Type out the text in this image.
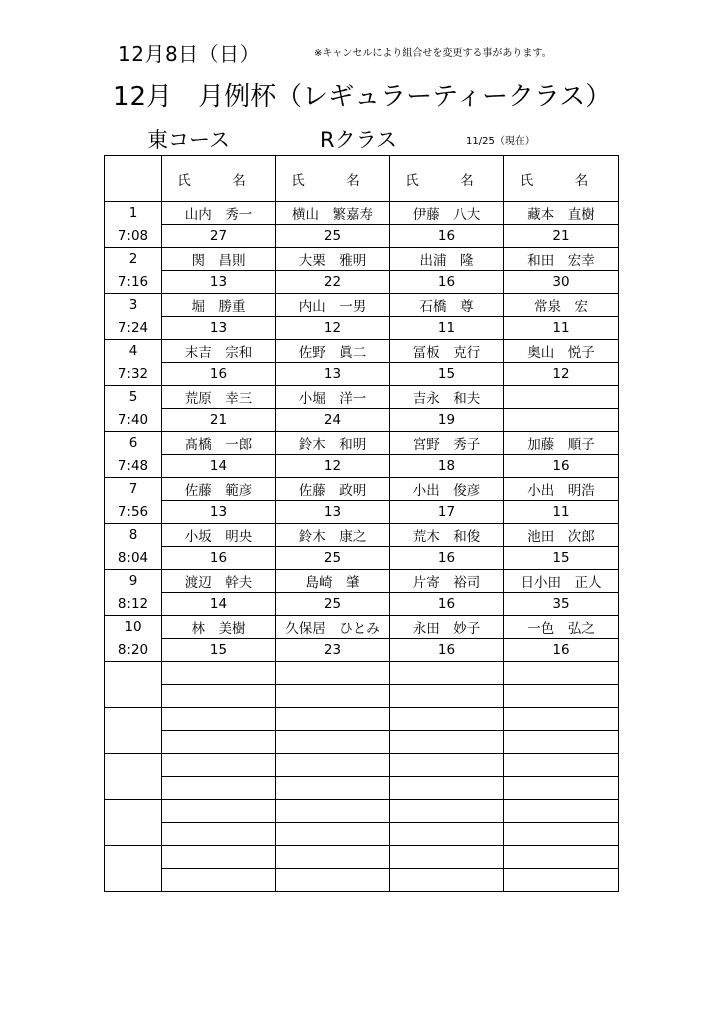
12月8日（日）	※キャンセルにより組合せを変更する事があります。
12月　月例杯（レギュラーティークラス）
東コース	Rクラス	11/25（現在）
	氏　名	氏　名	氏　名	氏　名
1	山内　秀一	横山　繁嘉寿	伊藤　八大	藏本　直樹
7:08	27	25	16	21
2	関　昌則	大栗　雅明	出浦　隆	和田　宏幸
7:16	13	22	16	30
3	堀　勝重	内山　一男	石橋　尊	常泉　宏
7:24	13	12	11	11
4	末吉　宗和	佐野　眞二	冨板　克行	奥山　悦子
7:32	16	13	15	12
5	荒原　幸三	小堀　洋一	吉永　和夫	
7:40	21	24	19	
6	髙橋　一郎	鈴木　和明	宮野　秀子	加藤　順子
7:48	14	12	18	16
7	佐藤　範彦	佐藤　政明	小出　俊彦	小出　明浩
7:56	13	13	17	11
8	小坂　明央	鈴木　康之	荒木　和俊	池田　次郎
8:04	16	25	16	15
9	渡辺　幹夫	島崎　肇	片寄　裕司	日小田　正人
8:12	14	25	16	35
10	林　美樹	久保居　ひとみ	永田　妙子	一色　弘之
8:20	15	23	16	16
